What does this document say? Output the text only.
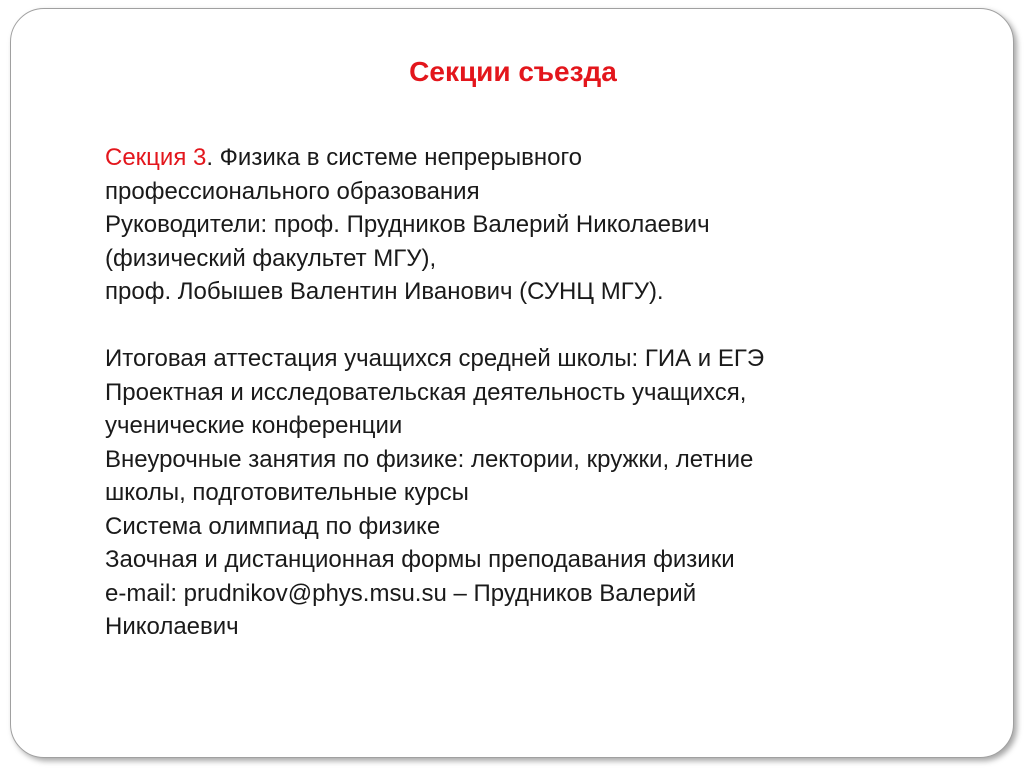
Секции съезда
Секция 3. Физика в системе непрерывного
профессионального образования
Руководители: проф. Прудников Валерий Николаевич
(физический факультет МГУ),
проф. Лобышев Валентин Иванович (СУНЦ МГУ).
Итоговая аттестация учащихся средней школы: ГИА и ЕГЭ
Проектная и исследовательская деятельность учащихся,
ученические конференции
Внеурочные занятия по физике: лектории, кружки, летние
школы, подготовительные курсы
Система олимпиад по физике
Заочная и дистанционная формы преподавания физики
e-mail: prudnikov@phys.msu.su – Прудников Валерий
Николаевич
